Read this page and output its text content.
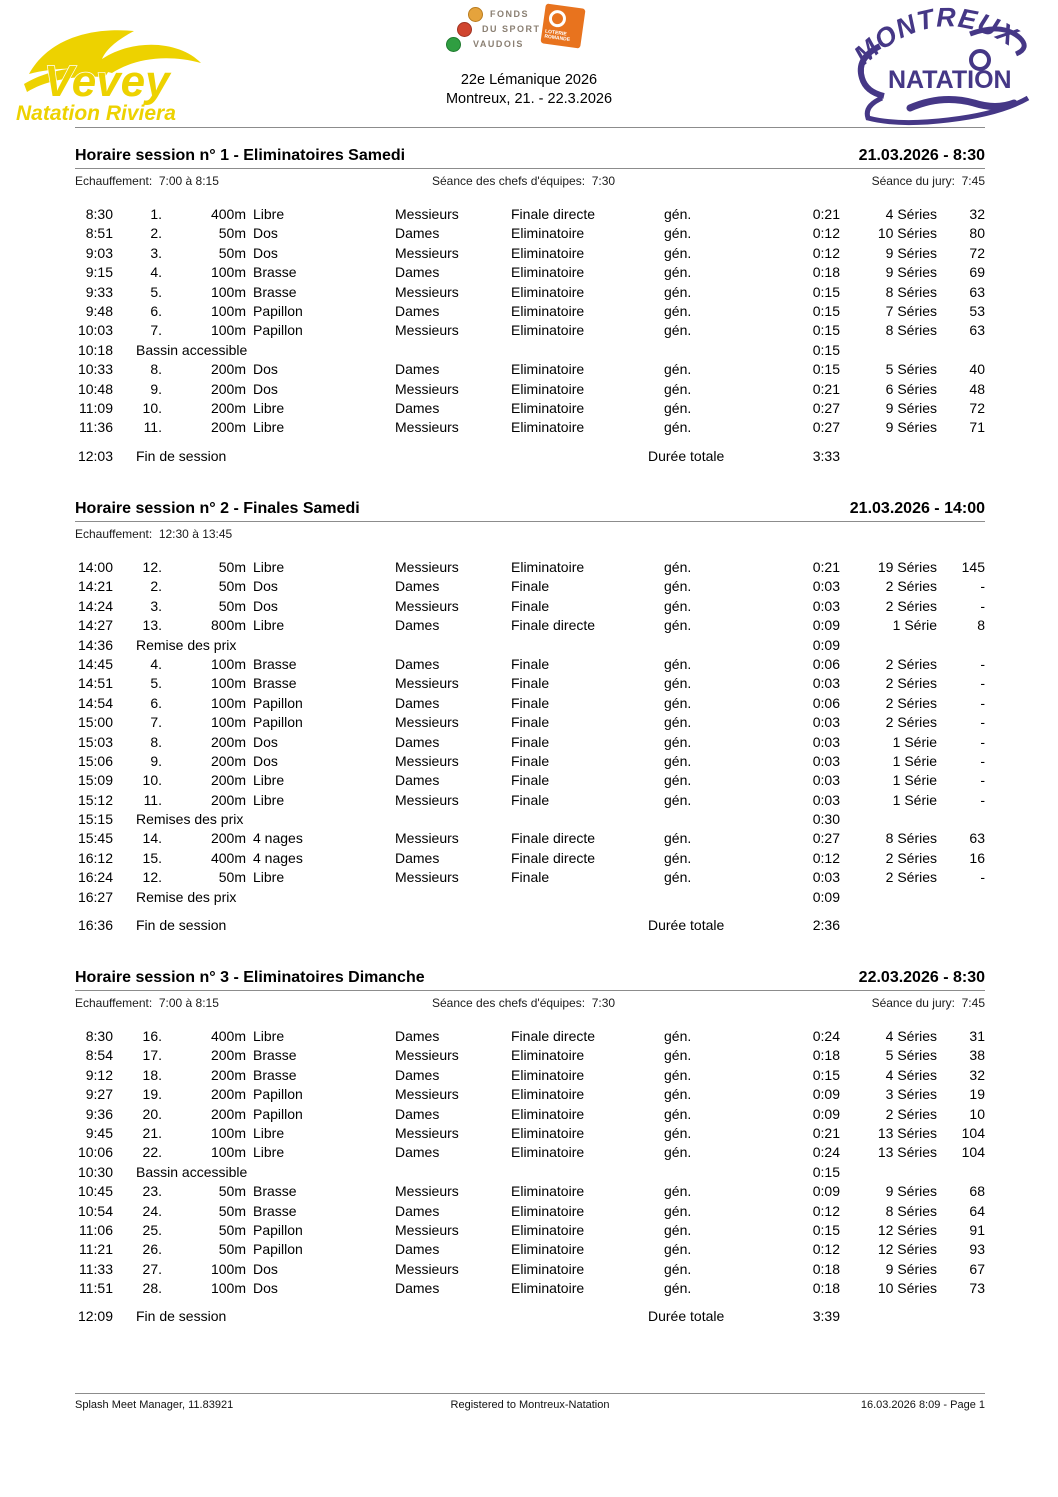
Vevey
Natation Riviera
FONDS
DU SPORT
VAUDOIS
LOTERIE ROMANDE
22e Lémanique 2026
Montreux, 21. - 22.3.2026
MONTREUX
NATATION
Horaire session n° 1 - Eliminatoires Samedi	21.03.2026 - 8:30
Echauffement:  7:00 à 8:15	Séance des chefs d'équipes:  7:30	Séance du jury:  7:45
8:30	1.	400m Libre	Messieurs	Finale directe	gén.	0:21	4 Séries	32
8:51	2.	50m Dos	Dames	Eliminatoire	gén.	0:12	10 Séries	80
9:03	3.	50m Dos	Messieurs	Eliminatoire	gén.	0:12	9 Séries	72
9:15	4.	100m Brasse	Dames	Eliminatoire	gén.	0:18	9 Séries	69
9:33	5.	100m Brasse	Messieurs	Eliminatoire	gén.	0:15	8 Séries	63
9:48	6.	100m Papillon	Dames	Eliminatoire	gén.	0:15	7 Séries	53
10:03	7.	100m Papillon	Messieurs	Eliminatoire	gén.	0:15	8 Séries	63
10:18 Bassin accessible	0:15
10:33	8.	200m Dos	Dames	Eliminatoire	gén.	0:15	5 Séries	40
10:48	9.	200m Dos	Messieurs	Eliminatoire	gén.	0:21	6 Séries	48
11:09	10.	200m Libre	Dames	Eliminatoire	gén.	0:27	9 Séries	72
11:36	11.	200m Libre	Messieurs	Eliminatoire	gén.	0:27	9 Séries	71
12:03 Fin de session	Durée totale	3:33
Horaire session n° 2 - Finales Samedi	21.03.2026 - 14:00
Echauffement:  12:30 à 13:45
14:00	12.	50m Libre	Messieurs	Eliminatoire	gén.	0:21	19 Séries	145
14:21	2.	50m Dos	Dames	Finale	gén.	0:03	2 Séries	-
14:24	3.	50m Dos	Messieurs	Finale	gén.	0:03	2 Séries	-
14:27	13.	800m Libre	Dames	Finale directe	gén.	0:09	1 Série	8
14:36 Remise des prix	0:09
14:45	4.	100m Brasse	Dames	Finale	gén.	0:06	2 Séries	-
14:51	5.	100m Brasse	Messieurs	Finale	gén.	0:03	2 Séries	-
14:54	6.	100m Papillon	Dames	Finale	gén.	0:06	2 Séries	-
15:00	7.	100m Papillon	Messieurs	Finale	gén.	0:03	2 Séries	-
15:03	8.	200m Dos	Dames	Finale	gén.	0:03	1 Série	-
15:06	9.	200m Dos	Messieurs	Finale	gén.	0:03	1 Série	-
15:09	10.	200m Libre	Dames	Finale	gén.	0:03	1 Série	-
15:12	11.	200m Libre	Messieurs	Finale	gén.	0:03	1 Série	-
15:15 Remises des prix	0:30
15:45	14.	200m 4 nages	Messieurs	Finale directe	gén.	0:27	8 Séries	63
16:12	15.	400m 4 nages	Dames	Finale directe	gén.	0:12	2 Séries	16
16:24	12.	50m Libre	Messieurs	Finale	gén.	0:03	2 Séries	-
16:27 Remise des prix	0:09
16:36 Fin de session	Durée totale	2:36
Horaire session n° 3 - Eliminatoires Dimanche	22.03.2026 - 8:30
Echauffement:  7:00 à 8:15	Séance des chefs d'équipes:  7:30	Séance du jury:  7:45
8:30	16.	400m Libre	Dames	Finale directe	gén.	0:24	4 Séries	31
8:54	17.	200m Brasse	Messieurs	Eliminatoire	gén.	0:18	5 Séries	38
9:12	18.	200m Brasse	Dames	Eliminatoire	gén.	0:15	4 Séries	32
9:27	19.	200m Papillon	Messieurs	Eliminatoire	gén.	0:09	3 Séries	19
9:36	20.	200m Papillon	Dames	Eliminatoire	gén.	0:09	2 Séries	10
9:45	21.	100m Libre	Messieurs	Eliminatoire	gén.	0:21	13 Séries	104
10:06	22.	100m Libre	Dames	Eliminatoire	gén.	0:24	13 Séries	104
10:30 Bassin accessible	0:15
10:45	23.	50m Brasse	Messieurs	Eliminatoire	gén.	0:09	9 Séries	68
10:54	24.	50m Brasse	Dames	Eliminatoire	gén.	0:12	8 Séries	64
11:06	25.	50m Papillon	Messieurs	Eliminatoire	gén.	0:15	12 Séries	91
11:21	26.	50m Papillon	Dames	Eliminatoire	gén.	0:12	12 Séries	93
11:33	27.	100m Dos	Messieurs	Eliminatoire	gén.	0:18	9 Séries	67
11:51	28.	100m Dos	Dames	Eliminatoire	gén.	0:18	10 Séries	73
12:09 Fin de session	Durée totale	3:39
Splash Meet Manager, 11.83921	Registered to Montreux-Natation	16.03.2026 8:09 - Page 1
